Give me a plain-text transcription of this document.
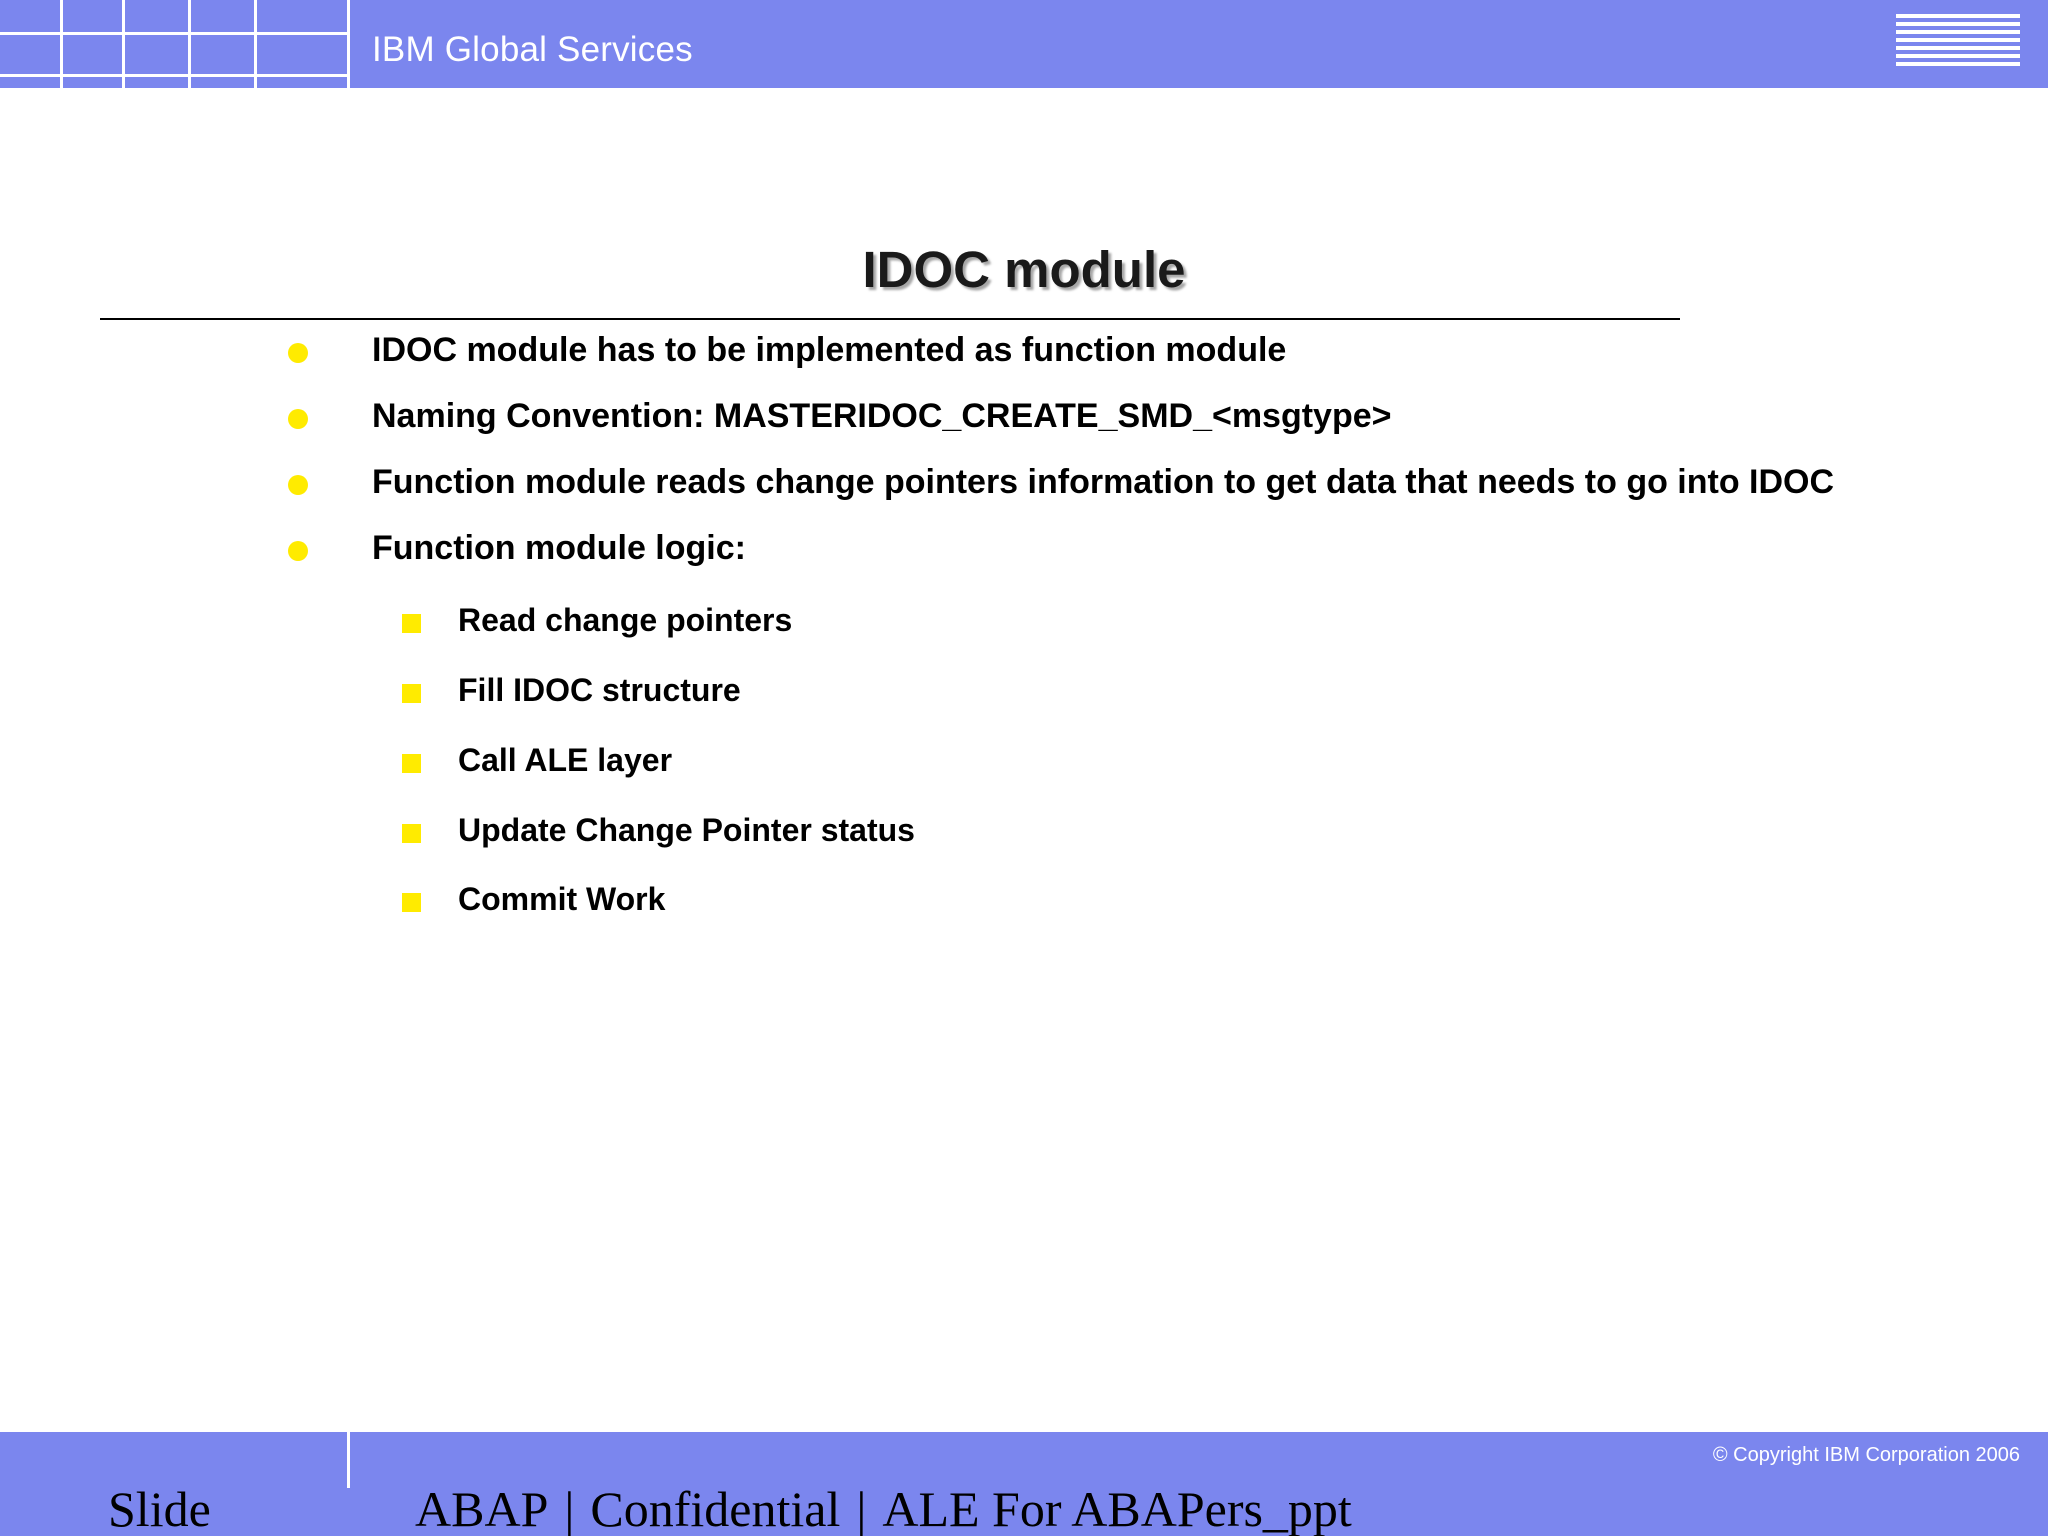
IBM Global Services
IDOC module
IDOC module has to be implemented as function module
Naming Convention: MASTERIDOC_CREATE_SMD_<msgtype>
Function module reads change pointers information to get data that needs to go into IDOC
Function module logic:
Read change pointers
Fill IDOC structure
Call ALE layer
Update Change Pointer status
Commit Work
© Copyright IBM Corporation 2006
Slide	ABAP | Confidential | ALE For ABAPers_ppt
